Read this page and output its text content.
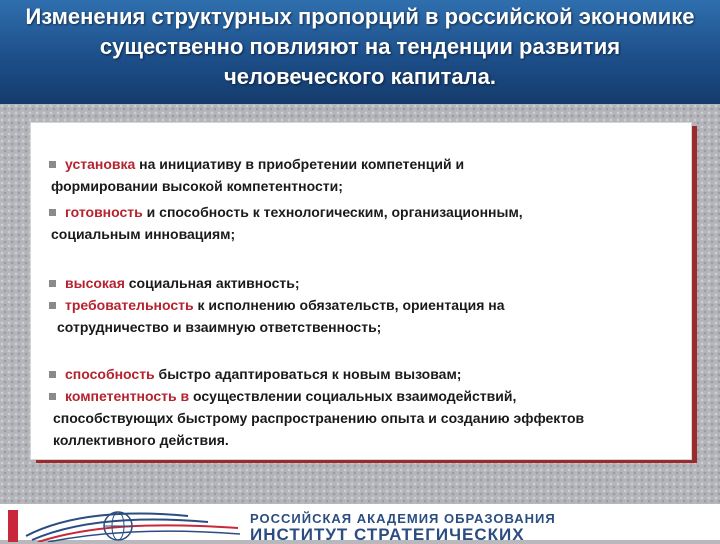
Изменения структурных пропорций в российской экономике существенно повлияют на тенденции развития человеческого капитала.
установка на инициативу в приобретении компетенций и
формировании высокой компетентности;
готовность и способность к технологическим, организационным,
социальным инновациям;
высокая социальная активность;
требовательность к исполнению обязательств, ориентация на
сотрудничество и взаимную ответственность;
способность быстро адаптироваться к новым вызовам;
компетентность в осуществлении социальных взаимодействий,
способствующих быстрому распространению опыта и созданию эффектов коллективного действия.
РОССИЙСКАЯ АКАДЕМИЯ ОБРАЗОВАНИЯ
ИНСТИТУТ СТРАТЕГИЧЕСКИХ
